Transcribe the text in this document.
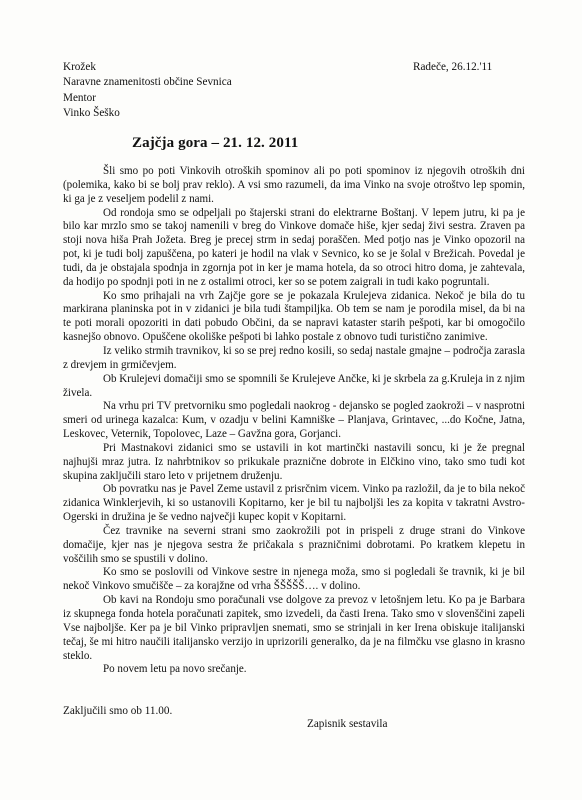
Krožek
Naravne znamenitosti občine Sevnica
Mentor
Vinko Šeško
Radeče, 26.12.'11
Zajčja gora – 21. 12. 2011

Šli smo po poti Vinkovih otroških spominov ali po poti spominov iz njegovih otroških dni (polemika, kako bi se bolj prav reklo). A vsi smo razumeli, da ima Vinko na svoje otroštvo lep spomin, ki ga je z veseljem podelil z nami.

Od rondoja smo se odpeljali po štajerski strani do elektrarne Boštanj. V lepem jutru, ki pa je bilo kar mrzlo smo se takoj namenili v breg do Vinkove domače hiše, kjer sedaj živi sestra. Zraven pa stoji nova hiša Prah Jožeta. Breg je precej strm in sedaj poraščen. Med potjo nas je Vinko opozoril na pot, ki je tudi bolj zapuščena, po kateri je hodil na vlak v Sevnico, ko se je šolal v Brežicah. Povedal je tudi, da je obstajala spodnja in zgornja pot in ker je mama hotela, da so otroci hitro doma, je zahtevala, da hodijo po spodnji poti in ne z ostalimi otroci, ker so se potem zaigrali in tudi kako pogruntali.

Ko smo prihajali na vrh Zajčje gore se je pokazala Krulejeva zidanica. Nekoč je bila do tu markirana planinska pot in v zidanici je bila tudi štampiljka. Ob tem se nam je porodila misel, da bi na te poti morali opozoriti in dati pobudo Občini, da se napravi kataster starih pešpoti, kar bi omogočilo kasnejšo obnovo. Opuščene okoliške pešpoti bi lahko postale z obnovo tudi turistično zanimive.

Iz veliko strmih travnikov, ki so se prej redno kosili, so sedaj nastale gmajne – področja zarasla z drevjem in grmičevjem.

Ob Krulejevi domačiji smo se spomnili še Krulejeve Ančke, ki je skrbela za g.Kruleja in z njim živela.

Na vrhu pri TV pretvorniku smo pogledali naokrog - dejansko se pogled zaokroži – v nasprotni smeri od urinega kazalca: Kum, v ozadju v belini Kamniške – Planjava, Grintavec, ...do Kočne, Jatna, Leskovec, Veternik, Topolovec, Laze – Gavžna gora, Gorjanci.

Pri Mastnakovi zidanici smo se ustavili in kot martinčki nastavili soncu, ki je že pregnal najhujši mraz jutra. Iz nahrbtnikov so prikukale praznične dobrote in Elčkino vino, tako smo tudi kot skupina zaključili staro leto v prijetnem druženju.

Ob povratku nas je Pavel Zeme ustavil z prisrčnim vicem. Vinko pa razložil, da je to bila nekoč zidanica Winklerjevih, ki so ustanovili Kopitarno, ker je bil tu najboljši les za kopita v takratni Avstro-Ogerski in družina je še vedno največji kupec kopit v Kopitarni.

Čez travnike na severni strani smo zaokrožili pot in prispeli z druge strani do Vinkove domačije, kjer nas je njegova sestra že pričakala s prazničnimi dobrotami. Po kratkem klepetu in voščilih smo se spustili v dolino.

Ko smo se poslovili od Vinkove sestre in njenega moža, smo si pogledali še travnik, ki je bil nekoč Vinkovo smučišče – za korajžne od vrha ŠŠŠŠŠ…. v dolino.

Ob kavi na Rondoju smo poračunali vse dolgove za prevoz v letošnjem letu. Ko pa je Barbara iz skupnega fonda hotela poračunati zapitek, smo izvedeli, da časti Irena. Tako smo v slovenščini zapeli Vse najboljše. Ker pa je bil Vinko pripravljen snemati, smo se strinjali in ker Irena obiskuje italijanski tečaj, še mi hitro naučili italijansko verzijo in uprizorili generalko, da je na filmčku vse glasno in krasno steklo.

Po novem letu pa novo srečanje.

Zaključili smo ob 11.00.
Zapisnik sestavila
